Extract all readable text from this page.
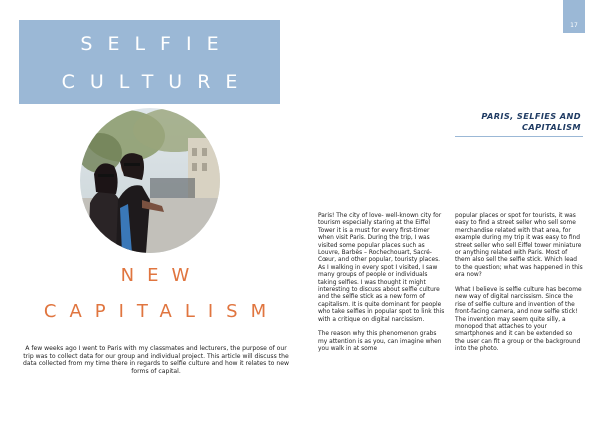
SELFIE
CULTURE
NEW
CAPITALISM
A few weeks ago I went to Paris with my classmates and lecturers, the purpose of our trip was to collect data for our group and individual project. This article will discuss the data collected from my time there in regards to selfie culture and how it relates to new forms of capital.
17
PARIS, SELFIES AND CAPITALISM

Paris! The city of love- well-known city for tourism especially staring at the Eiffel Tower it is a must for every first-timer when visit Paris. During the trip, I was visited some popular places such as Louvre, Barbès – Rochechouart, Sacré-Cœur, and other popular, touristy places. As I walking in every spot I visited, I saw many groups of people or individuals taking selfies. I was thought it might interesting to discuss about selfie culture and the selfie stick as a new form of capitalism. It is quite dominant for people who take selfies in popular spot to link this with a critique on digital narcissism.

The reason why this phenomenon grabs my attention is as you, can imagine when you walk in at some

popular places or spot for tourists, it was easy to find a street seller who sell some merchandise related with that area, for example during my trip it was easy to find street seller who sell Eiffel tower miniature or anything related with Paris. Most of them also sell the selfie stick. Which lead to the question; what was happened in this era now?

What I believe is selfie culture has become new way of digital narcissism. Since the rise of selfie culture and invention of the front-facing camera, and now selfie stick! The invention may seem quite silly, a monopod that attaches to your smartphones and it can be extended so the user can fit a group or the background into the photo.
